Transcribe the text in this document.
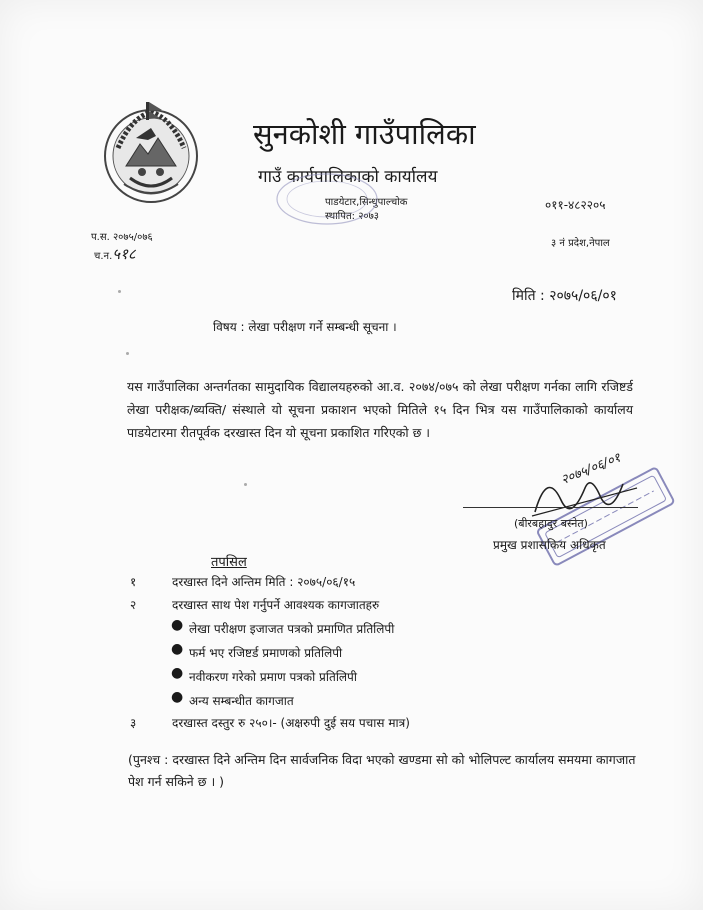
सुनकोशी गाउँपालिका
गाउँ कार्यपालिकाको कार्यालय
पाडयेटार,सिन्धुपाल्चोक
स्थापित: २०७३
०११-४८२२०५
३ नं प्रदेश,नेपाल
प.स. २०७५/०७६
च.न.५१८
मिति : २०७५/०६/०१
विषय : लेखा परीक्षण गर्ने सम्बन्धी सूचना ।
यस गाउँपालिका अन्तर्गतका सामुदायिक विद्यालयहरुको आ.व. २०७४/०७५ को लेखा परीक्षण गर्नका लागि रजिष्टर्ड लेखा परीक्षक/ब्यक्ति/ संस्थाले यो सूचना प्रकाशन भएको मितिले १५ दिन भित्र यस गाउँपालिकाको कार्यालय पाडयेटारमा रीतपूर्वक दरखास्त दिन यो सूचना प्रकाशित गरिएको छ ।
२०७५/०६/०१
(बीरबहादुर बस्नेत)
प्रमुख प्रशासकिय अधिकृत
तपसिल
१	दरखास्त दिने अन्तिम मिति : २०७५/०६/१५
२	दरखास्त साथ पेश गर्नुपर्ने आवश्यक कागजातहरु
● लेखा परीक्षण इजाजत पत्रको प्रमाणित प्रतिलिपी
● फर्म भए रजिष्टर्ड प्रमाणको प्रतिलिपी
● नवीकरण गरेको प्रमाण पत्रको प्रतिलिपी
● अन्य सम्बन्धीत कागजात
३	दरखास्त दस्तुर रु २५०।- (अक्षरुपी दुई सय पचास मात्र)
(पुनश्च : दरखास्त दिने अन्तिम दिन सार्वजनिक विदा भएको खण्डमा सो को भोलिपल्ट कार्यालय समयमा कागजात पेश गर्न सकिने छ । )
